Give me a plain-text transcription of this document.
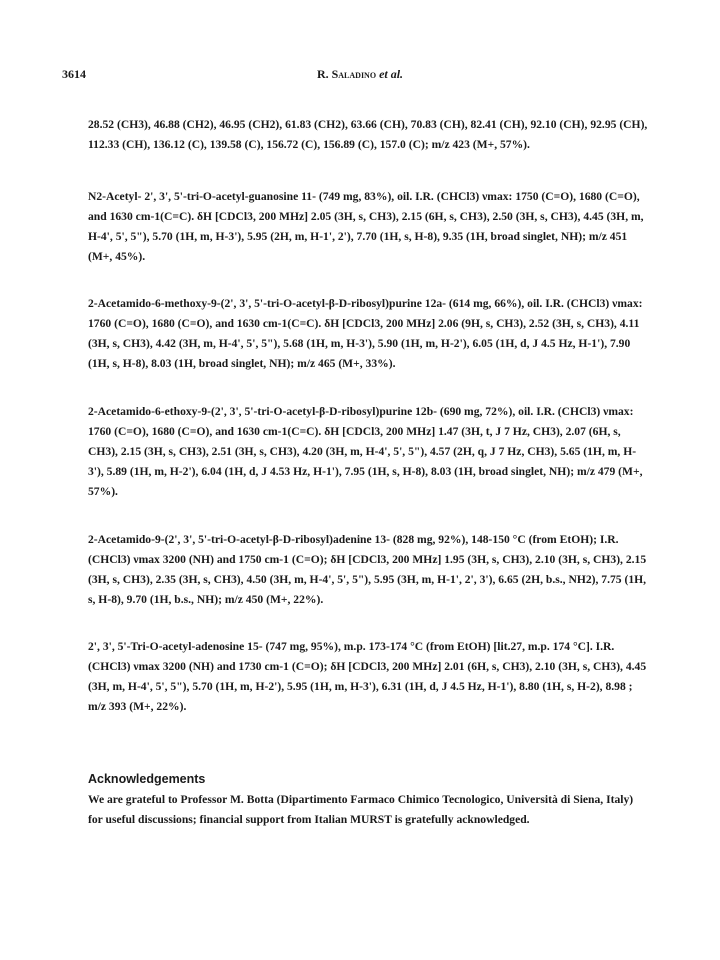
3614	R. Saladino et al.

28.52 (CH3), 46.88 (CH2), 46.95 (CH2), 61.83 (CH2), 63.66 (CH), 70.83 (CH), 82.41 (CH), 92.10 (CH), 92.95 (CH), 112.33 (CH), 136.12 (C), 139.58 (C), 156.72 (C), 156.89 (C), 157.0 (C); m/z 423 (M+, 57%).

N2-Acetyl- 2', 3', 5'-tri-O-acetyl-guanosine 11- (749 mg, 83%), oil. I.R. (CHCl3) νmax: 1750 (C=O), 1680 (C=O), and 1630 cm-1(C=C). δH [CDCl3, 200 MHz] 2.05 (3H, s, CH3), 2.15 (6H, s, CH3), 2.50 (3H, s, CH3), 4.45 (3H, m, H-4', 5', 5"), 5.70 (1H, m, H-3'), 5.95 (2H, m, H-1', 2'), 7.70 (1H, s, H-8), 9.35 (1H, broad singlet, NH); m/z 451 (M+, 45%).

2-Acetamido-6-methoxy-9-(2', 3', 5'-tri-O-acetyl-β-D-ribosyl)purine 12a- (614 mg, 66%), oil. I.R. (CHCl3) νmax: 1760 (C=O), 1680 (C=O), and 1630 cm-1(C=C). δH [CDCl3, 200 MHz] 2.06 (9H, s, CH3), 2.52 (3H, s, CH3), 4.11 (3H, s, CH3), 4.42 (3H, m, H-4', 5', 5"), 5.68 (1H, m, H-3'), 5.90 (1H, m, H-2'), 6.05 (1H, d, J 4.5 Hz, H-1'), 7.90 (1H, s, H-8), 8.03 (1H, broad singlet, NH); m/z 465 (M+, 33%).

2-Acetamido-6-ethoxy-9-(2', 3', 5'-tri-O-acetyl-β-D-ribosyl)purine 12b- (690 mg, 72%), oil. I.R. (CHCl3) νmax: 1760 (C=O), 1680 (C=O), and 1630 cm-1(C=C). δH [CDCl3, 200 MHz] 1.47 (3H, t, J 7 Hz, CH3), 2.07 (6H, s, CH3), 2.15 (3H, s, CH3), 2.51 (3H, s, CH3), 4.20 (3H, m, H-4', 5', 5"), 4.57 (2H, q, J 7 Hz, CH3), 5.65 (1H, m, H-3'), 5.89 (1H, m, H-2'), 6.04 (1H, d, J 4.53 Hz, H-1'), 7.95 (1H, s, H-8), 8.03 (1H, broad singlet, NH); m/z 479 (M+, 57%).

2-Acetamido-9-(2', 3', 5'-tri-O-acetyl-β-D-ribosyl)adenine 13- (828 mg, 92%), 148-150 °C (from EtOH); I.R. (CHCl3) νmax 3200 (NH) and 1750 cm-1 (C=O); δH [CDCl3, 200 MHz] 1.95 (3H, s, CH3), 2.10 (3H, s, CH3), 2.15 (3H, s, CH3), 2.35 (3H, s, CH3), 4.50 (3H, m, H-4', 5', 5"), 5.95 (3H, m, H-1', 2', 3'), 6.65 (2H, b.s., NH2), 7.75 (1H, s, H-8), 9.70 (1H, b.s., NH); m/z 450 (M+, 22%).

2', 3', 5'-Tri-O-acetyl-adenosine 15- (747 mg, 95%), m.p. 173-174 °C (from EtOH) [lit.27, m.p. 174 °C]. I.R. (CHCl3) νmax 3200 (NH) and 1730 cm-1 (C=O); δH [CDCl3, 200 MHz] 2.01 (6H, s, CH3), 2.10 (3H, s, CH3), 4.45 (3H, m, H-4', 5', 5"), 5.70 (1H, m, H-2'), 5.95 (1H, m, H-3'), 6.31 (1H, d, J 4.5 Hz, H-1'), 8.80 (1H, s, H-2), 8.98 ; m/z 393 (M+, 22%).

Acknowledgements

We are grateful to Professor M. Botta (Dipartimento Farmaco Chimico Tecnologico, Università di Siena, Italy) for useful discussions; financial support from Italian MURST is gratefully acknowledged.
